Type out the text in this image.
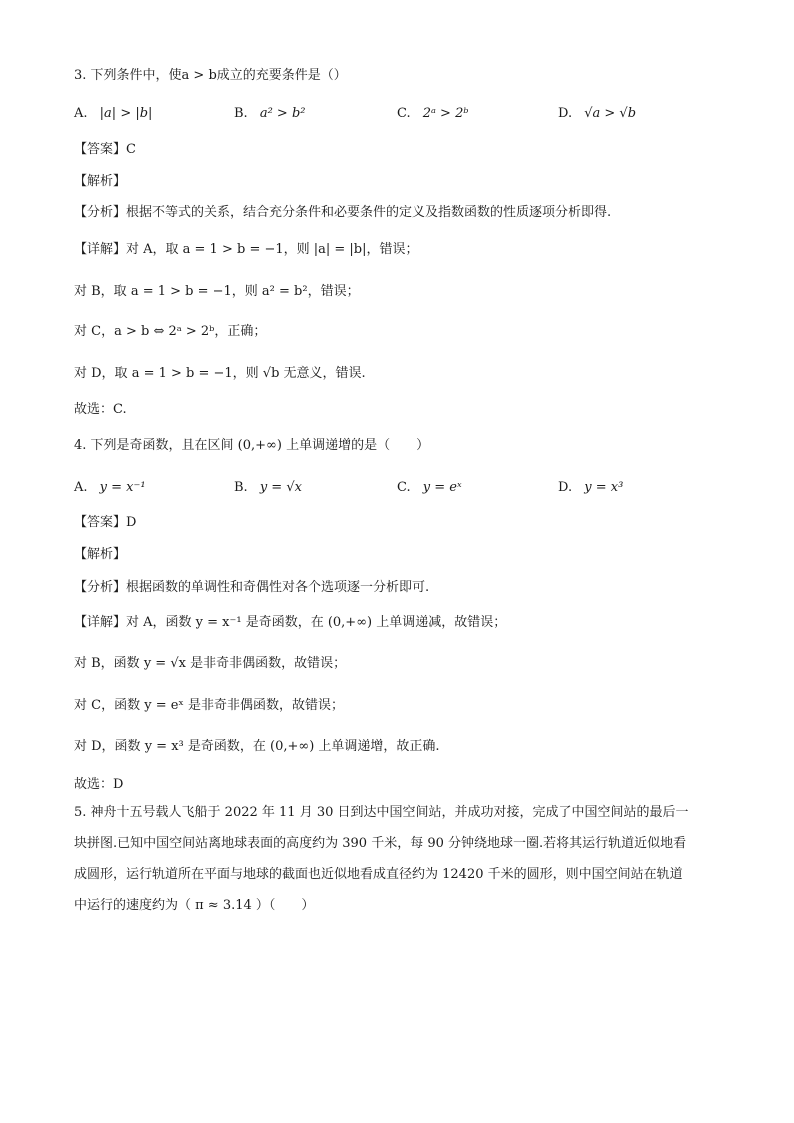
3. 下列条件中，使a > b成立的充要条件是（）
A. |a| > |b|	B. a² > b²	C. 2ᵃ > 2ᵇ	D. √a > √b
【答案】C
【解析】
【分析】根据不等式的关系，结合充分条件和必要条件的定义及指数函数的性质逐项分析即得.
【详解】对 A，取 a = 1 > b = −1，则 |a| = |b|，错误；
对 B，取 a = 1 > b = −1，则 a² = b²，错误；
对 C，a > b ⇔ 2ᵃ > 2ᵇ，正确；
对 D，取 a = 1 > b = −1，则 √b 无意义，错误.
故选：C.
4. 下列是奇函数，且在区间 (0,+∞) 上单调递增的是（　　）
A. y = x⁻¹	B. y = √x	C. y = eˣ	D. y = x³
【答案】D
【解析】
【分析】根据函数的单调性和奇偶性对各个选项逐一分析即可.
【详解】对 A，函数 y = x⁻¹ 是奇函数，在 (0,+∞) 上单调递减，故错误；
对 B，函数 y = √x 是非奇非偶函数，故错误；
对 C，函数 y = eˣ 是非奇非偶函数，故错误；
对 D，函数 y = x³ 是奇函数，在 (0,+∞) 上单调递增，故正确.
故选：D
5. 神舟十五号载人飞船于 2022 年 11 月 30 日到达中国空间站，并成功对接，完成了中国空间站的最后一
块拼图.已知中国空间站离地球表面的高度约为 390 千米，每 90 分钟绕地球一圈.若将其运行轨道近似地看
成圆形，运行轨道所在平面与地球的截面也近似地看成直径约为 12420 千米的圆形，则中国空间站在轨道
中运行的速度约为（ π ≈ 3.14 ）（　　）
